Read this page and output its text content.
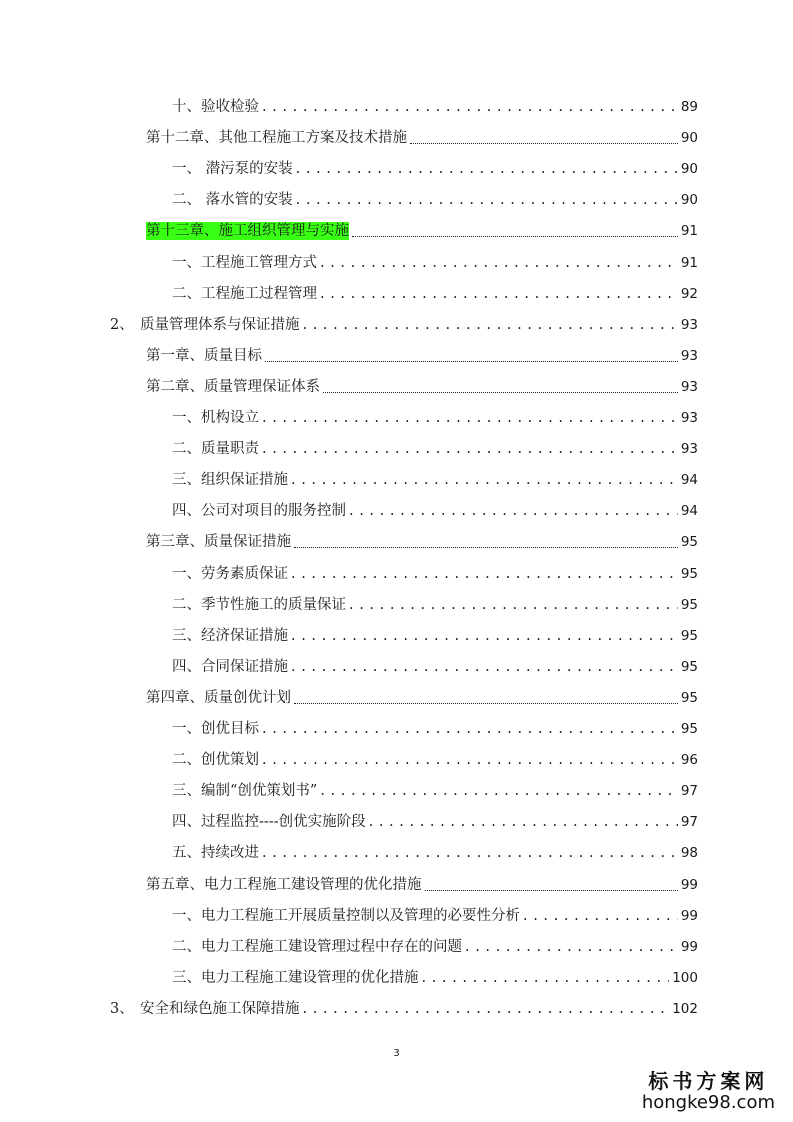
十、验收检验 . . .	89
第十二章、其他工程施工方案及技术措施	90
一、 潜污泵的安装 . . .	90
二、 落水管的安装 . . .	90
第十三章、施工组织管理与实施	91
一、工程施工管理方式 . . .	91
二、工程施工过程管理 . . .	92
2、 质量管理体系与保证措施 . . .	93
第一章、质量目标	93
第二章、质量管理保证体系	93
一、机构设立 . . .	93
二、质量职责 . . .	93
三、组织保证措施 . . .	94
四、公司对项目的服务控制 . . .	94
第三章、质量保证措施	95
一、劳务素质保证 . . .	95
二、季节性施工的质量保证 . . .	95
三、经济保证措施 . . .	95
四、合同保证措施 . . .	95
第四章、质量创优计划	95
一、创优目标 . . .	95
二、创优策划 . . .	96
三、编制“创优策划书” . . .	97
四、过程监控----创优实施阶段 . . .	97
五、持续改进 . . .	98
第五章、电力工程施工建设管理的优化措施	99
一、电力工程施工开展质量控制以及管理的必要性分析 . . .	99
二、电力工程施工建设管理过程中存在的问题 . . .	99
三、电力工程施工建设管理的优化措施 . . .	100
3、 安全和绿色施工保障措施 . . .	102
3
标书方案网
hongke98.com
